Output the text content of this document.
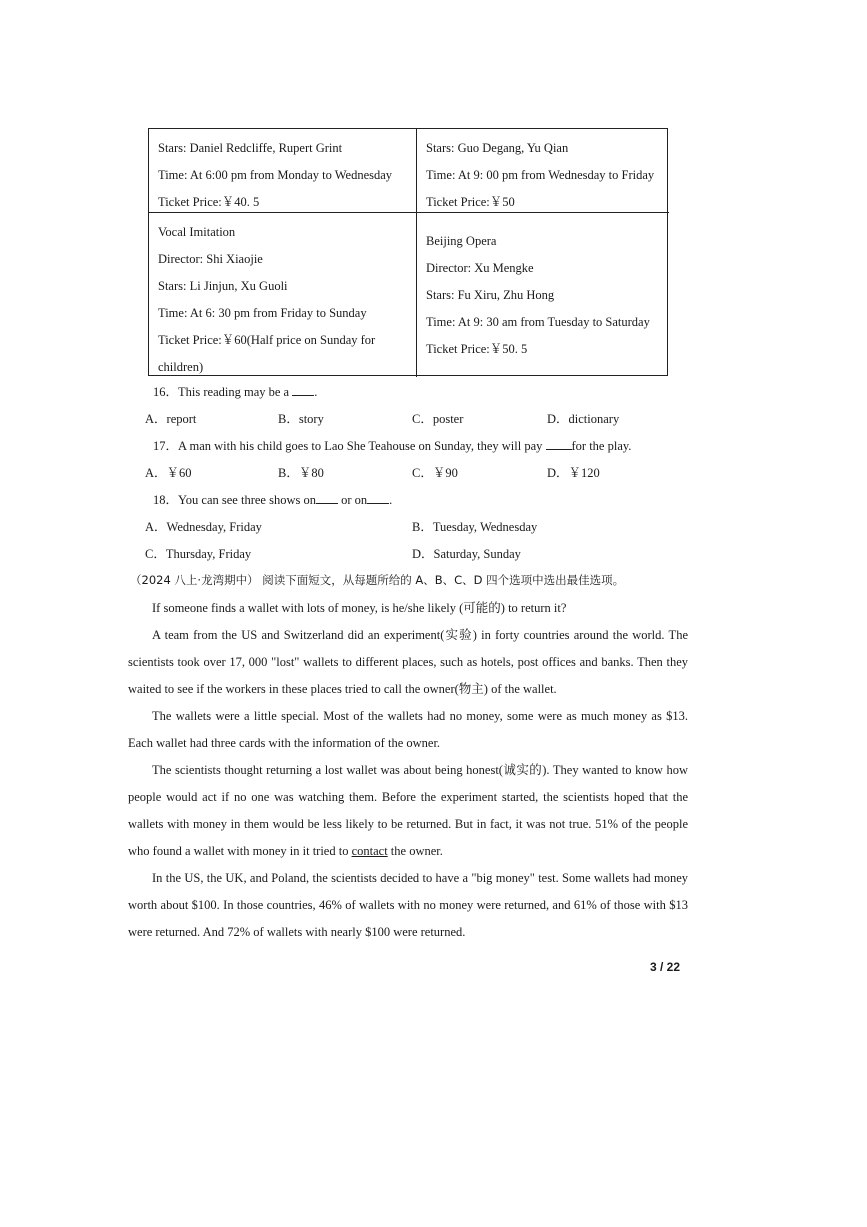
Stars: Daniel Redcliffe, Rupert Grint
Time: At 6:00 pm from Monday to Wednesday
Ticket Price:￥40. 5
Stars: Guo Degang, Yu Qian
Time: At 9: 00 pm from Wednesday to Friday
Ticket Price:￥50
Vocal Imitation
Director: Shi Xiaojie
Stars: Li Jinjun, Xu Guoli
Time: At 6: 30 pm from Friday to Sunday
Ticket Price:￥60(Half price on Sunday for children)
Beijing Opera
Director: Xu Mengke
Stars: Fu Xiru, Zhu Hong
Time: At 9: 30 am from Tuesday to Saturday
Ticket Price:￥50. 5
16．This reading may be a .
A．report	B．story	C．poster	D．dictionary
17．A man with his child goes to Lao She Teahouse on Sunday, they will pay for the play.
A．￥60	B．￥80	C．￥90	D．￥120
18．You can see three shows on or on .
A．Wednesday, Friday	B．Tuesday, Wednesday
C．Thursday, Friday	D．Saturday, Sunday
（2024 八上·龙湾期中） 阅读下面短文，从每题所给的 A、B、C、D 四个选项中选出最佳选项。
If someone finds a wallet with lots of money, is he/she likely (可能的) to return it?
A team from the US and Switzerland did an experiment(实验) in forty countries around the world. The scientists took over 17, 000 "lost" wallets to different places, such as hotels, post offices and banks. Then they waited to see if the workers in these places tried to call the owner(物主) of the wallet.
The wallets were a little special. Most of the wallets had no money, some were as much money as $13. Each wallet had three cards with the information of the owner.
The scientists thought returning a lost wallet was about being honest(诚实的). They wanted to know how people would act if no one was watching them. Before the experiment started, the scientists hoped that the wallets with money in them would be less likely to be returned. But in fact, it was not true. 51% of the people who found a wallet with money in it tried to contact the owner.
In the US, the UK, and Poland, the scientists decided to have a "big money" test. Some wallets had money worth about $100. In those countries, 46% of wallets with no money were returned, and 61% of those with $13 were returned. And 72% of wallets with nearly $100 were returned.
3 / 22
